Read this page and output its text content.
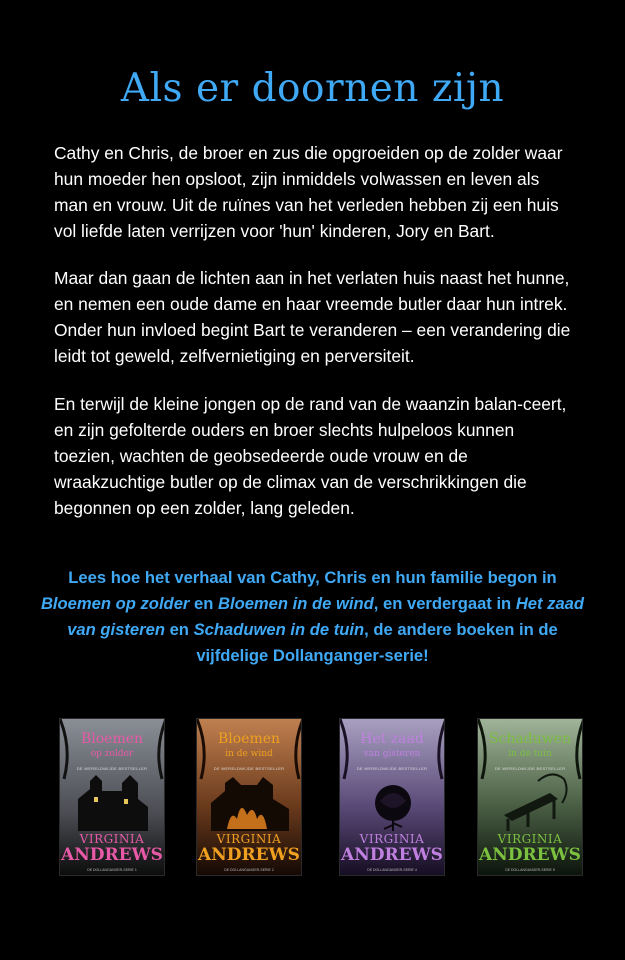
Als er doornen zijn

Cathy en Chris, de broer en zus die opgroeiden op de zolder waar hun moeder hen opsloot, zijn inmiddels volwassen en leven als man en vrouw. Uit de ruïnes van het verleden hebben zij een huis vol liefde laten verrijzen voor 'hun' kinderen, Jory en Bart.

Maar dan gaan de lichten aan in het verlaten huis naast het hunne, en nemen een oude dame en haar vreemde butler daar hun intrek. Onder hun invloed begint Bart te veranderen – een verandering die leidt tot geweld, zelfvernietiging en perversiteit.

En terwijl de kleine jongen op de rand van de waanzin balan-ceert, en zijn gefolterde ouders en broer slechts hulpeloos kunnen toezien, wachten de geobsedeerde oude vrouw en de wraakzuchtige butler op de climax van de verschrikkingen die begonnen op een zolder, lang geleden.

Lees hoe het verhaal van Cathy, Chris en hun familie begon in Bloemen op zolder en Bloemen in de wind, en verdergaat in Het zaad van gisteren en Schaduwen in de tuin, de andere boeken in de vijfdelige Dollanganger-serie!
Bloemen
op zolder
DE WERELDWIJDE BESTSELLER
VIRGINIA
ANDREWS
DE DOLLANGANGER-SERIE 1
Bloemen
in de wind
DE WERELDWIJDE BESTSELLER
VIRGINIA
ANDREWS
DE DOLLANGANGER-SERIE 2
Het zaad
van gisteren
DE WERELDWIJDE BESTSELLER
VIRGINIA
ANDREWS
DE DOLLANGANGER-SERIE 4
Schaduwen
in de tuin
DE WERELDWIJDE BESTSELLER
VIRGINIA
ANDREWS
DE DOLLANGANGER-SERIE 5
